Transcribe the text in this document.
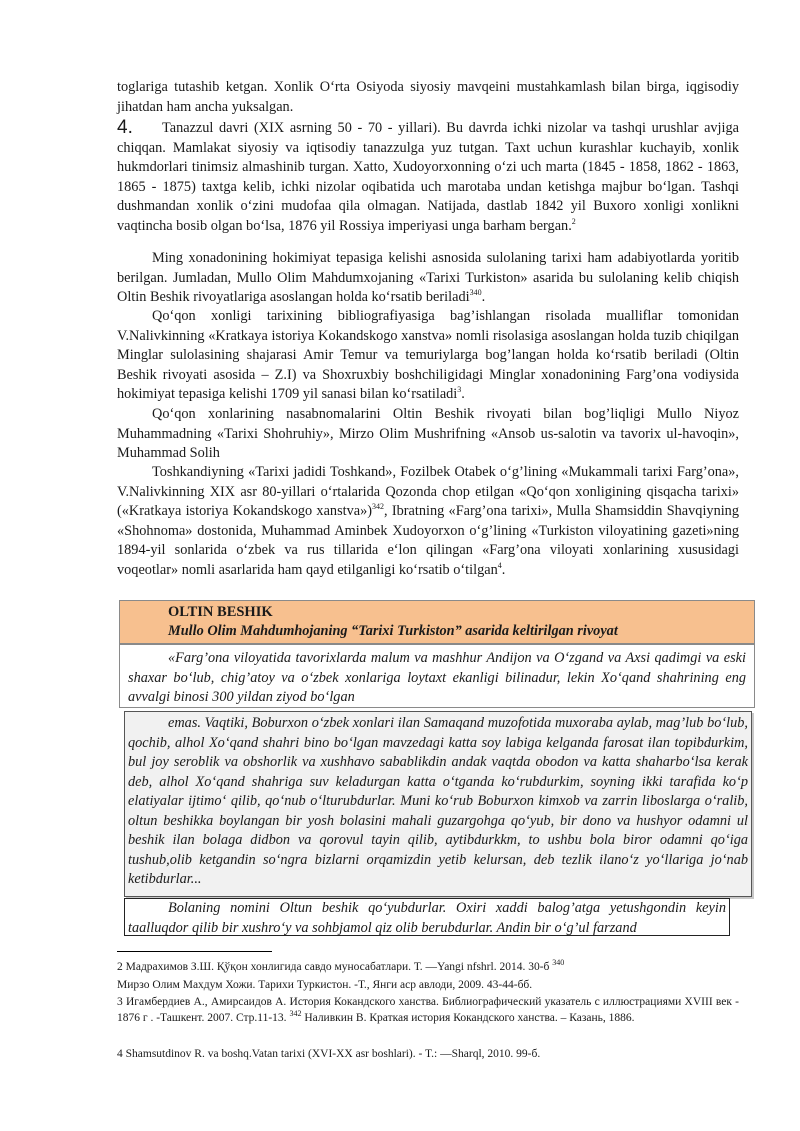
toglariga tutashib ketgan. Xonlik O‘rta Osiyoda siyosiy mavqeini mustahkamlash bilan birga, iqgisodiy jihatdan ham ancha yuksalgan.

4.	Tanazzul davri (XIX asrning 50 - 70 - yillari). Bu davrda ichki nizolar va tashqi urushlar avjiga chiqqan. Mamlakat siyosiy va iqtisodiy tanazzulga yuz tutgan. Taxt uchun kurashlar kuchayib, xonlik hukmdorlari tinimsiz almashinib turgan. Xatto, Xudoyorxonning o‘zi uch marta (1845 - 1858, 1862 - 1863, 1865 - 1875) taxtga kelib, ichki nizolar oqibatida uch marotaba undan ketishga majbur bo‘lgan. Tashqi dushmandan xonlik o‘zini mudofaa qila olmagan. Natijada, dastlab 1842 yil Buxoro xonligi xonlikni vaqtincha bosib olgan bo‘lsa, 1876 yil Rossiya imperiyasi unga barham bergan.$^2$

Ming xonadonining hokimiyat tepasiga kelishi asnosida sulolaning tarixi ham adabiyotlarda yoritib berilgan. Jumladan, Mullo Olim Mahdumxojaning «Tarixi Turkiston» asarida bu sulolaning kelib chiqish Oltin Beshik rivoyatlariga asoslangan holda ko‘rsatib beriladi$^{340}$.

Qo‘qon xonligi tarixining bibliografiyasiga bag’ishlangan risolada mualliflar tomonidan V.Nalivkinning «Kratkaya istoriya Kokandskogo xanstva» nomli risolasiga asoslangan holda tuzib chiqilgan Minglar sulolasining shajarasi Amir Temur va temuriylarga bog’langan holda ko‘rsatib beriladi (Oltin Beshik rivoyati asosida – Z.I) va Shoxruxbiy boshchiligidagi Minglar xonadonining Farg’ona vodiysida hokimiyat tepasiga kelishi 1709 yil sanasi bilan ko‘rsatiladi$^3$.

Qo‘qon xonlarining nasabnomalarini Oltin Beshik rivoyati bilan bog’liqligi Mullo Niyoz Muhammadning «Tarixi Shohruhiy», Mirzo Olim Mushrifning «Ansob us-salotin va tavorix ul-havoqin», Muhammad Solih

Toshkandiyning «Tarixi jadidi Toshkand», Fozilbek Otabek o‘g’lining «Mukammali tarixi Farg’ona», V.Nalivkinning XIX asr 80-yillari o‘rtalarida Qozonda chop etilgan «Qo‘qon xonligining qisqacha tarixi» («Kratkaya istoriya Kokandskogo xanstva»)$^{342}$, Ibratning «Farg’ona tarixi», Mulla Shamsiddin Shavqiyning «Shohnoma» dostonida, Muhammad Aminbek Xudoyorxon o‘g’lining «Turkiston viloyatining gazeti»ning 1894-yil sonlarida o‘zbek va rus tillarida e‘lon qilingan «Farg’ona viloyati xonlarining xususidagi voqeotlar» nomli asarlarida ham qayd etilganligi ko‘rsatib o‘tilgan$^4$.

OLTIN BESHIK
Mullo Olim Mahdumhojaning “Tarixi Turkiston” asarida keltirilgan rivoyat

«Farg’ona viloyatida tavorixlarda malum va mashhur Andijon va O‘zgand va Axsi qadimgi va eski shaxar bo‘lub, chig’atoy va o‘zbek xonlariga loytaxt ekanligi bilinadur, lekin Xo‘qand shahrining eng avvalgi binosi 300 yildan ziyod bo‘lgan

emas. Vaqtiki, Boburxon o‘zbek xonlari ilan Samaqand muzofotida muxoraba aylab, mag’lub bo‘lub, qochib, alhol Xo‘qand shahri bino bo‘lgan mavzedagi katta soy labiga kelganda farosat ilan topibdurkim, bul joy seroblik va obshorlik va xushhavo sabablikdin andak vaqtda obodon va katta shaharbo‘lsa kerak deb, alhol Xo‘qand shahriga suv keladurgan katta o‘tganda ko‘rubdurkim, soyning ikki tarafida ko‘p elatiyalar ijtimo‘ qilib, qo‘nub o‘lturubdurlar. Muni ko‘rub Boburxon kimxob va zarrin liboslarga o‘ralib, oltun beshikka boylangan bir yosh bolasini mahali guzargohga qo‘yub, bir dono va hushyor odamni ul beshik ilan bolaga didbon va qorovul tayin qilib, aytibdurkkm, to ushbu bola biror odamni qo‘iga tushub,olib ketgandin so‘ngra bizlarni orqamizdin yetib kelursan, deb tezlik ilano‘z yo‘llariga jo‘nab ketibdurlar...

Bolaning nomini Oltun beshik qo‘yubdurlar. Oxiri xaddi balog’atga yetushgondin keyin taalluqdor qilib bir xushro‘y va sohbjamol qiz olib berubdurlar. Andin bir o‘g’ul farzand

2 Мадрахимов З.Ш. Қўқон хонлигида савдо муносабатлари. Т. —Yangi nfshrl. 2014. 30-б $^{340}$

Мирзо Олим Махдум Хожи. Тарихи Туркистон. -Т., Янги аср авлоди, 2009. 43-44-бб.

3 Игамбердиев А., Амирсаидов А. История Кокандского ханства. Библиографический указатель с иллюстрациями XVIII век - 1876 г . -Ташкент. 2007. Стр.11-13. $^{342}$ Наливкин В. Краткая история Кокандского ханства. – Казань, 1886.

4 Shamsutdinov R. va boshq.Vatan tarixi (XVI-XX asr boshlari). - T.: —Sharql, 2010. 99-б.
